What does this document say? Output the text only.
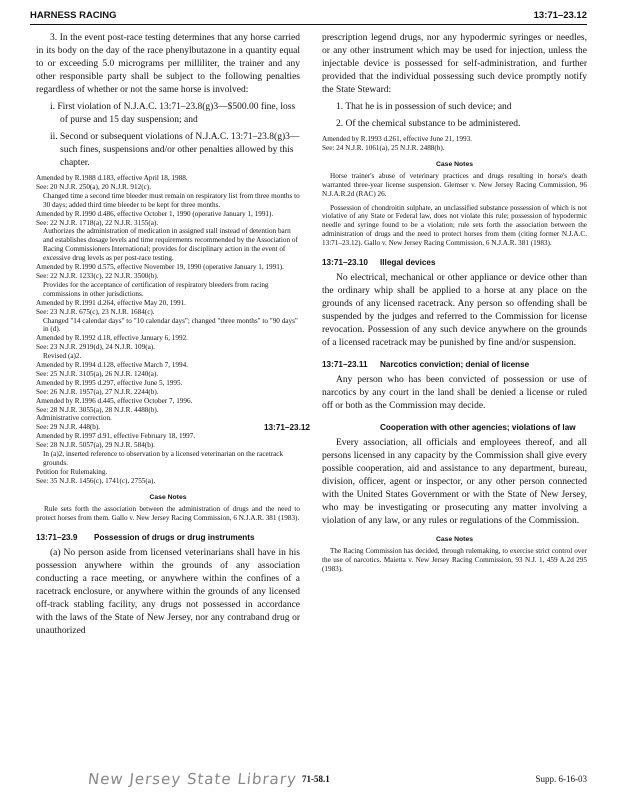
HARNESS RACING	13:71–23.12

3. In the event post-race testing determines that any horse carried in its body on the day of the race phenylbutazone in a quantity equal to or exceeding 5.0 micrograms per milliliter, the trainer and any other responsible party shall be subject to the following penalties regardless of whether or not the same horse is involved:

i. First violation of N.J.A.C. 13:71–23.8(g)3—$500.00 fine, loss of purse and 15 day suspension; and

ii. Second or subsequent violations of N.J.A.C. 13:71–23.8(g)3—such fines, suspensions and/or other penalties allowed by this chapter.

Amended by R.1988 d.183, effective April 18, 1988.
See: 20 N.J.R. 250(a), 20 N.J.R. 912(c).
Changed time a second time bleeder must remain on respiratory list from three months to 30 days; added third time bleeder to be kept for three months.
Amended by R.1990 d.486, effective October 1, 1990 (operative January 1, 1991).
See: 22 N.J.R. 1718(a), 22 N.J.R. 3155(a).
Authorizes the administration of medication in assigned stall instead of detention barn and establishes dosage levels and time requirements recommended by the Association of Racing Commissioners International; provides for disciplinary action in the event of excessive drug levels as per post-race testing.
Amended by R.1990 d.575, effective November 19, 1990 (operative January 1, 1991).
See: 22 N.J.R. 1233(c), 22 N.J.R. 3500(b).
Provides for the acceptance of certification of respiratory bleeders from racing commissions in other jurisdictions.
Amended by R.1991 d.264, effective May 20, 1991.
See: 23 N.J.R. 675(c), 23 N.J.R. 1684(c).
Changed "14 calendar days" to "10 calendar days"; changed "three months" to "90 days" in (d).
Amended by R.1992 d.18, effective January 6, 1992.
See: 23 N.J.R. 2919(d), 24 N.J.R. 109(a).
Revised (a)2.
Amended by R.1994 d.128, effective March 7, 1994.
See: 25 N.J.R. 3105(a), 26 N.J.R. 1240(a).
Amended by R.1995 d.297, effective June 5, 1995.
See: 26 N.J.R. 1957(a), 27 N.J.R. 2244(b).
Amended by R.1996 d.445, effective October 7, 1996.
See: 28 N.J.R. 3055(a), 28 N.J.R. 4488(b).
Administrative correction.
See: 29 N.J.R. 448(b).
Amended by R.1997 d.91, effective February 18, 1997.
See: 28 N.J.R. 5057(a), 29 N.J.R. 584(b).
In (a)2, inserted reference to observation by a licensed veterinarian on the racetrack grounds.
Petition for Rulemaking.
See: 35 N.J.R. 1456(c), 1741(c), 2755(a).
Case Notes

Rule sets forth the association between the administration of drugs and the need to protect horses from them. Gallo v. New Jersey Racing Commission, 6 N.J.A.R. 381 (1983).

13:71–23.9 Possession of drugs or drug instruments

(a) No person aside from licensed veterinarians shall have in his possession anywhere within the grounds of any association conducting a race meeting, or anywhere within the confines of a racetrack enclosure, or anywhere within the grounds of any licensed off-track stabling facility, any drugs not possessed in accordance with the laws of the State of New Jersey, nor any contraband drug or unauthorized

prescription legend drugs, nor any hypodermic syringes or needles, or any other instrument which may be used for injection, unless the injectable device is possessed for self-administration, and further provided that the individual possessing such device promptly notify the State Steward:

1. That he is in possession of such device; and

2. Of the chemical substance to be administered.

Amended by R.1993 d.261, effective June 21, 1993.
See: 24 N.J.R. 1061(a), 25 N.J.R. 2488(b).
Case Notes

Horse trainer's abuse of veterinary practices and drugs resulting in horse's death warranted three-year license suspension. Glemser v. New Jersey Racing Commission, 96 N.J.A.R.2d (RAC) 26.

Possession of chondroitin sulphate, an unclassified substance possession of which is not violative of any State or Federal law, does not violate this rule; possession of hypodermic needle and syringe found to be a violation; rule sets forth the association between the administration of drugs and the need to protect horses from them (citing former N.J.A.C. 13:71–23.12). Gallo v. New Jersey Racing Commission, 6 N.J.A.R. 381 (1983).

13:71–23.10 Illegal devices

No electrical, mechanical or other appliance or device other than the ordinary whip shall be applied to a horse at any place on the grounds of any licensed racetrack. Any person so offending shall be suspended by the judges and referred to the Commission for license revocation. Possession of any such device anywhere on the grounds of a licensed racetrack may be punished by fine and/or suspension.

13:71–23.11 Narcotics conviction; denial of license

Any person who has been convicted of possession or use of narcotics by any court in the land shall be denied a license or ruled off or both as the Commission may decide.

13:71–23.12	Cooperation with other agencies; violations of law

Every association, all officials and employees thereof, and all persons licensed in any capacity by the Commission shall give every possible cooperation, aid and assistance to any department, bureau, division, officer, agent or inspector, or any other person connected with the United States Government or with the State of New Jersey, who may be investigating or prosecuting any matter involving a violation of any law, or any rules or regulations of the Commission.

Case Notes

The Racing Commission has decided, through rulemaking, to exercise strict control over the use of narcotics. Maietta v. New Jersey Racing Commission, 93 N.J. 1, 459 A.2d 295 (1983).

New Jersey State Library 71-58.1	Supp. 6-16-03
